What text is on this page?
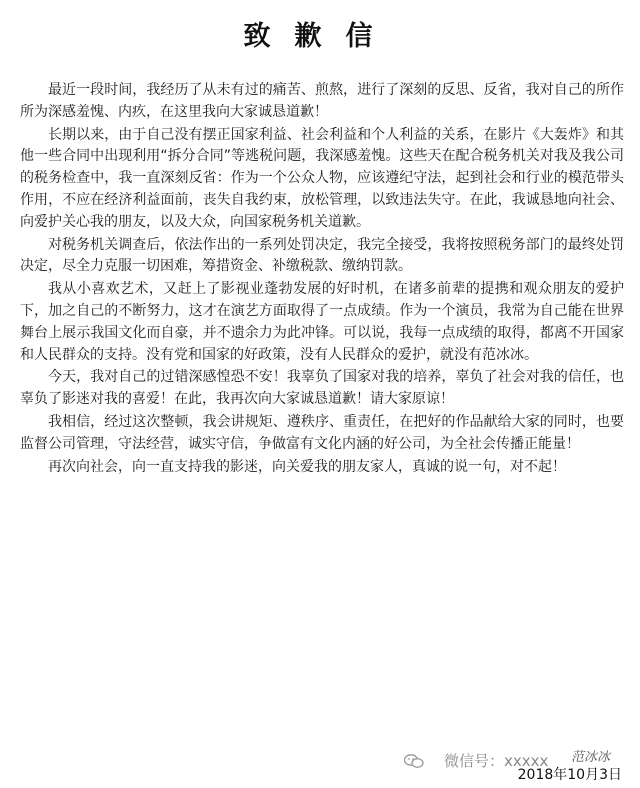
致歉信

最近一段时间，我经历了从未有过的痛苦、煎熬，进行了深刻的反思、反省，我对自己的所作所为深感羞愧、内疚，在这里我向大家诚恳道歉！

长期以来，由于自己没有摆正国家利益、社会利益和个人利益的关系，在影片《大轰炸》和其他一些合同中出现利用“拆分合同”等逃税问题，我深感羞愧。这些天在配合税务机关对我及我公司的税务检查中，我一直深刻反省：作为一个公众人物，应该遵纪守法，起到社会和行业的模范带头作用，不应在经济利益面前，丧失自我约束，放松管理，以致违法失守。在此，我诚恳地向社会、向爱护关心我的朋友，以及大众，向国家税务机关道歉。

对税务机关调查后，依法作出的一系列处罚决定，我完全接受，我将按照税务部门的最终处罚决定，尽全力克服一切困难，筹措资金、补缴税款、缴纳罚款。

我从小喜欢艺术，又赶上了影视业蓬勃发展的好时机，在诸多前辈的提携和观众朋友的爱护下，加之自己的不断努力，这才在演艺方面取得了一点成绩。作为一个演员，我常为自己能在世界舞台上展示我国文化而自豪，并不遗余力为此冲锋。可以说，我每一点成绩的取得，都离不开国家和人民群众的支持。没有党和国家的好政策，没有人民群众的爱护，就没有范冰冰。

今天，我对自己的过错深感惶恐不安！我辜负了国家对我的培养，辜负了社会对我的信任，也辜负了影迷对我的喜爱！在此，我再次向大家诚恳道歉！请大家原谅！

我相信，经过这次整顿，我会讲规矩、遵秩序、重责任，在把好的作品献给大家的同时，也要监督公司管理，守法经营，诚实守信，争做富有文化内涵的好公司，为全社会传播正能量！

再次向社会，向一直支持我的影迷，向关爱我的朋友家人，真诚的说一句，对不起！

微信号：xxxxx 范冰冰
2018年10月3日
